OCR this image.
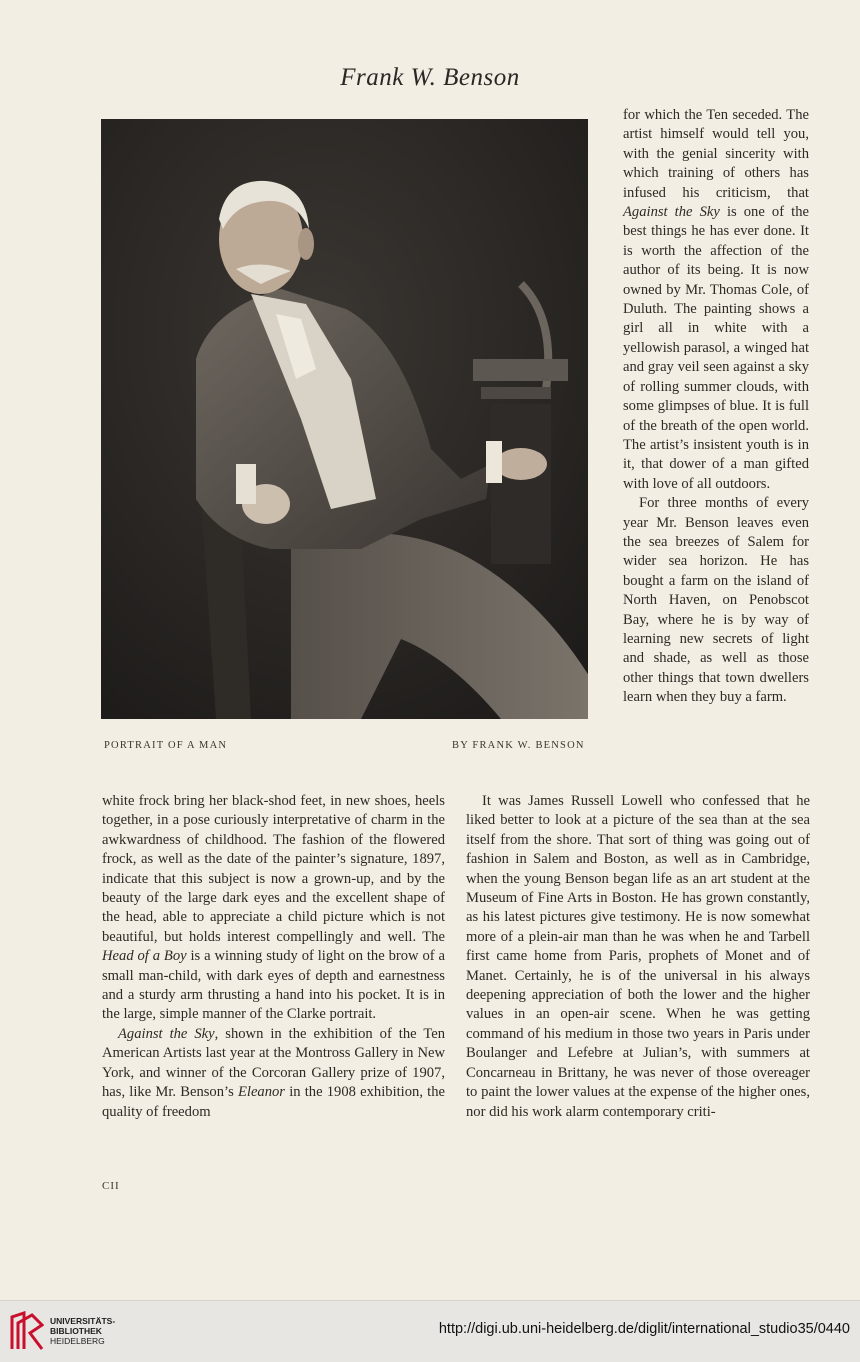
Frank W. Benson
PORTRAIT OF A MAN	BY FRANK W. BENSON

for which the Ten seceded. The artist himself would tell you, with the genial sincerity with which training of others has infused his criticism, that Against the Sky is one of the best things he has ever done. It is worth the affection of the author of its being. It is now owned by Mr. Thomas Cole, of Duluth. The painting shows a girl all in white with a yellowish parasol, a winged hat and gray veil seen against a sky of rolling summer clouds, with some glimpses of blue. It is full of the breath of the open world. The artist’s insistent youth is in it, that dower of a man gifted with love of all outdoors.

For three months of every year Mr. Benson leaves even the sea breezes of Salem for wider sea horizon. He has bought a farm on the island of North Haven, on Penobscot Bay, where he is by way of learning new secrets of light and shade, as well as those other things that town dwellers learn when they buy a farm.

white frock bring her black-shod feet, in new shoes, heels together, in a pose curiously interpretative of charm in the awkwardness of childhood. The fashion of the flowered frock, as well as the date of the painter’s signature, 1897, indicate that this subject is now a grown-up, and by the beauty of the large dark eyes and the excellent shape of the head, able to appreciate a child picture which is not beautiful, but holds interest compellingly and well. The Head of a Boy is a winning study of light on the brow of a small man-child, with dark eyes of depth and earnestness and a sturdy arm thrusting a hand into his pocket. It is in the large, simple manner of the Clarke portrait.

Against the Sky, shown in the exhibition of the Ten American Artists last year at the Montross Gallery in New York, and winner of the Corcoran Gallery prize of 1907, has, like Mr. Benson’s Eleanor in the 1908 exhibition, the quality of freedom

It was James Russell Lowell who confessed that he liked better to look at a picture of the sea than at the sea itself from the shore. That sort of thing was going out of fashion in Salem and Boston, as well as in Cambridge, when the young Benson began life as an art student at the Museum of Fine Arts in Boston. He has grown constantly, as his latest pictures give testimony. He is now somewhat more of a plein-air man than he was when he and Tarbell first came home from Paris, prophets of Monet and of Manet. Certainly, he is of the universal in his always deepening appreciation of both the lower and the higher values in an open-air scene. When he was getting command of his medium in those two years in Paris under Boulanger and Lefebre at Julian’s, with summers at Concarneau in Brittany, he was never of those overeager to paint the lower values at the expense of the higher ones, nor did his work alarm contemporary criti-

CII
UNIVERSITÄTS-
BIBLIOTHEK
HEIDELBERG
http://digi.ub.uni-heidelberg.de/diglit/international_studio35/0440
